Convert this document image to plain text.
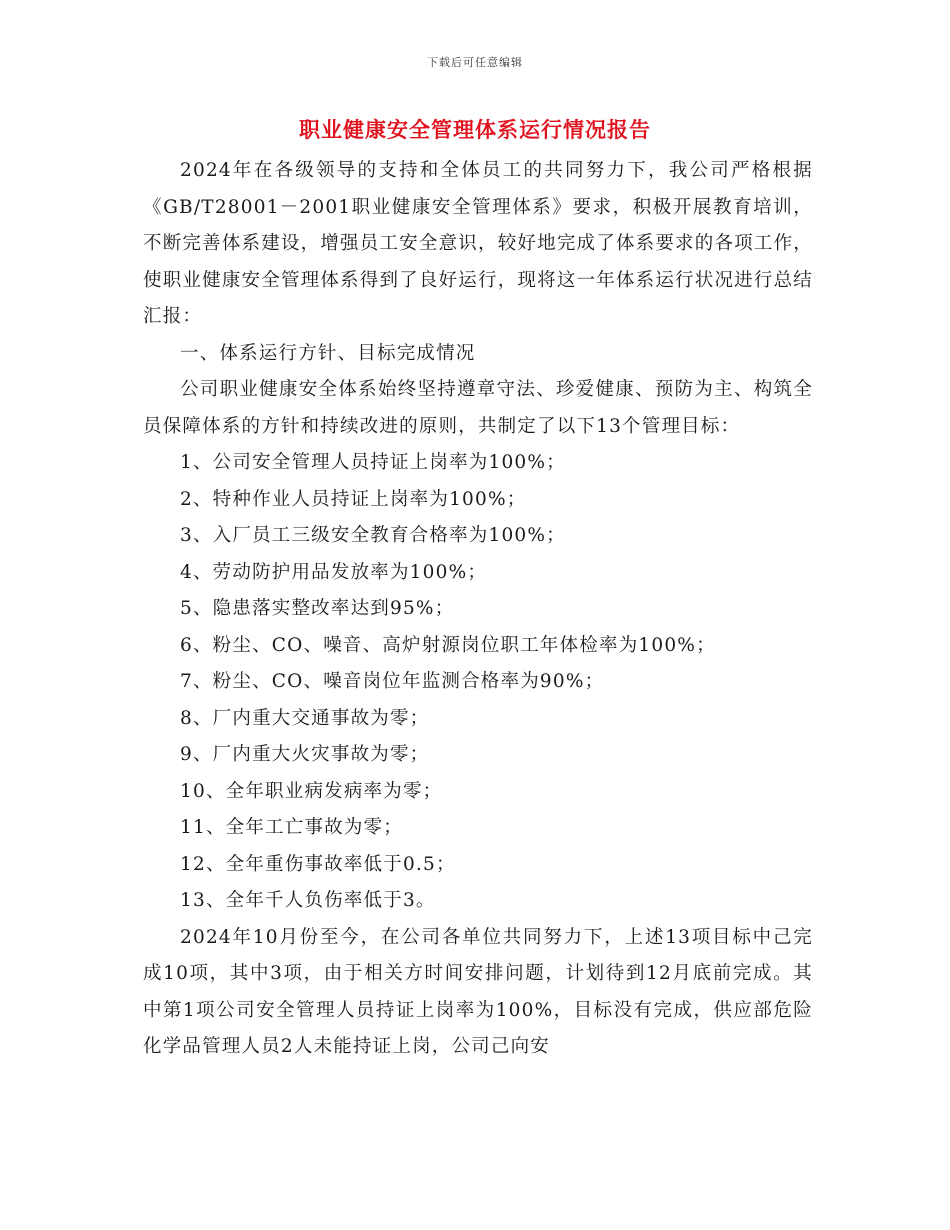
下载后可任意编辑
职业健康安全管理体系运行情况报告

2024年在各级领导的支持和全体员工的共同努力下，我公司严格根据《GB/T28001－2001职业健康安全管理体系》要求，积极开展教育培训，不断完善体系建设，增强员工安全意识，较好地完成了体系要求的各项工作，使职业健康安全管理体系得到了良好运行，现将这一年体系运行状况进行总结汇报：

一、体系运行方针、目标完成情况

公司职业健康安全体系始终坚持遵章守法、珍爱健康、预防为主、构筑全员保障体系的方针和持续改进的原则，共制定了以下13个管理目标：

1、公司安全管理人员持证上岗率为100%；

2、特种作业人员持证上岗率为100%；

3、入厂员工三级安全教育合格率为100%；

4、劳动防护用品发放率为100%；

5、隐患落实整改率达到95%；

6、粉尘、CO、噪音、高炉射源岗位职工年体检率为100%；

7、粉尘、CO、噪音岗位年监测合格率为90%；

8、厂内重大交通事故为零；

9、厂内重大火灾事故为零；

10、全年职业病发病率为零；

11、全年工亡事故为零；

12、全年重伤事故率低于0.5；

13、全年千人负伤率低于3。

2024年10月份至今，在公司各单位共同努力下，上述13项目标中己完成10项，其中3项，由于相关方时间安排问题，计划待到12月底前完成。其中第1项公司安全管理人员持证上岗率为100%，目标没有完成，供应部危险化学品管理人员2人未能持证上岗，公司己向安
